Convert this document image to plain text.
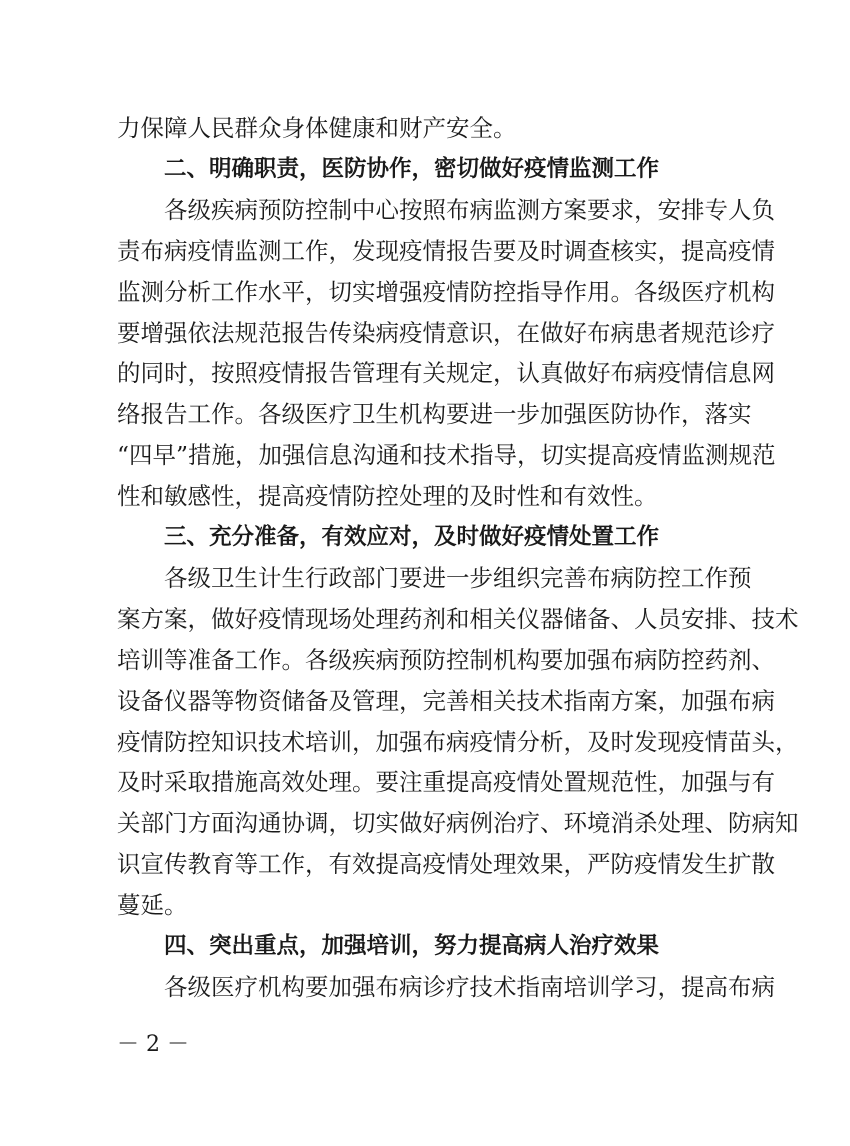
力保障人民群众身体健康和财产安全。
二、明确职责，医防协作，密切做好疫情监测工作
各级疾病预防控制中心按照布病监测方案要求，安排专人负
责布病疫情监测工作，发现疫情报告要及时调查核实，提高疫情
监测分析工作水平，切实增强疫情防控指导作用。各级医疗机构
要增强依法规范报告传染病疫情意识，在做好布病患者规范诊疗
的同时，按照疫情报告管理有关规定，认真做好布病疫情信息网
络报告工作。各级医疗卫生机构要进一步加强医防协作，落实
“四早”措施，加强信息沟通和技术指导，切实提高疫情监测规范
性和敏感性，提高疫情防控处理的及时性和有效性。
三、充分准备，有效应对，及时做好疫情处置工作
各级卫生计生行政部门要进一步组织完善布病防控工作预
案方案，做好疫情现场处理药剂和相关仪器储备、人员安排、技术
培训等准备工作。各级疾病预防控制机构要加强布病防控药剂、
设备仪器等物资储备及管理，完善相关技术指南方案，加强布病
疫情防控知识技术培训，加强布病疫情分析，及时发现疫情苗头，
及时采取措施高效处理。要注重提高疫情处置规范性，加强与有
关部门方面沟通协调，切实做好病例治疗、环境消杀处理、防病知
识宣传教育等工作，有效提高疫情处理效果，严防疫情发生扩散
蔓延。
四、突出重点，加强培训，努力提高病人治疗效果
各级医疗机构要加强布病诊疗技术指南培训学习，提高布病
－ 2 －
